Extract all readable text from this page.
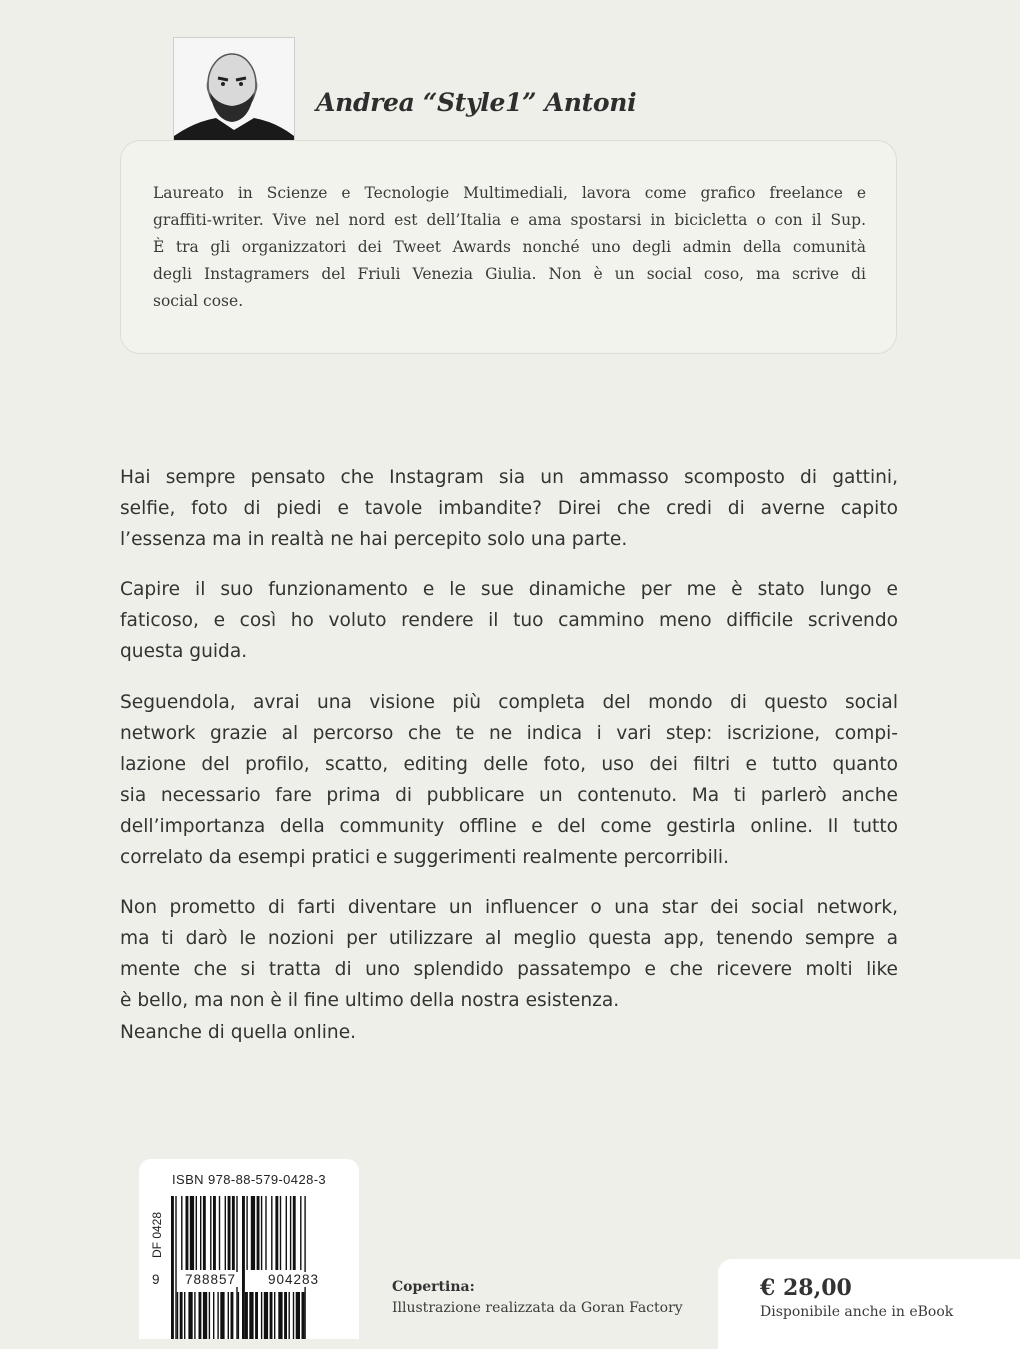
Andrea “Style1” Antoni
Laureato in Scienze e Tecnologie Multimediali, lavora come grafico freelance e
graffiti-writer. Vive nel nord est dell’Italia e ama spostarsi in bicicletta o con il Sup.
È tra gli organizzatori dei Tweet Awards nonché uno degli admin della comunità
degli Instagramers del Friuli Venezia Giulia. Non è un social coso, ma scrive di
social cose.

Hai sempre pensato che Instagram sia un ammasso scomposto di gattini,
selfie, foto di piedi e tavole imbandite? Direi che credi di averne capito
l’essenza ma in realtà ne hai percepito solo una parte.

Capire il suo funzionamento e le sue dinamiche per me è stato lungo e
faticoso, e così ho voluto rendere il tuo cammino meno difficile scrivendo
questa guida.

Seguendola, avrai una visione più completa del mondo di questo social
network grazie al percorso che te ne indica i vari step: iscrizione, compi-
lazione del profilo, scatto, editing delle foto, uso dei filtri e tutto quanto
sia necessario fare prima di pubblicare un contenuto. Ma ti parlerò anche
dell’importanza della community offline e del come gestirla online. Il tutto
correlato da esempi pratici e suggerimenti realmente percorribili.

Non prometto di farti diventare un influencer o una star dei social network,
ma ti darò le nozioni per utilizzare al meglio questa app, tenendo sempre a
mente che si tratta di uno splendido passatempo e che ricevere molti like
è bello, ma non è il fine ultimo della nostra esistenza.
Neanche di quella online.

ISBN 978-88-579-0428-3
DF 0428
9 788857 904283	Copertina:
Illustrazione realizzata da Goran Factory
€ 28,00
Disponibile anche in eBook
